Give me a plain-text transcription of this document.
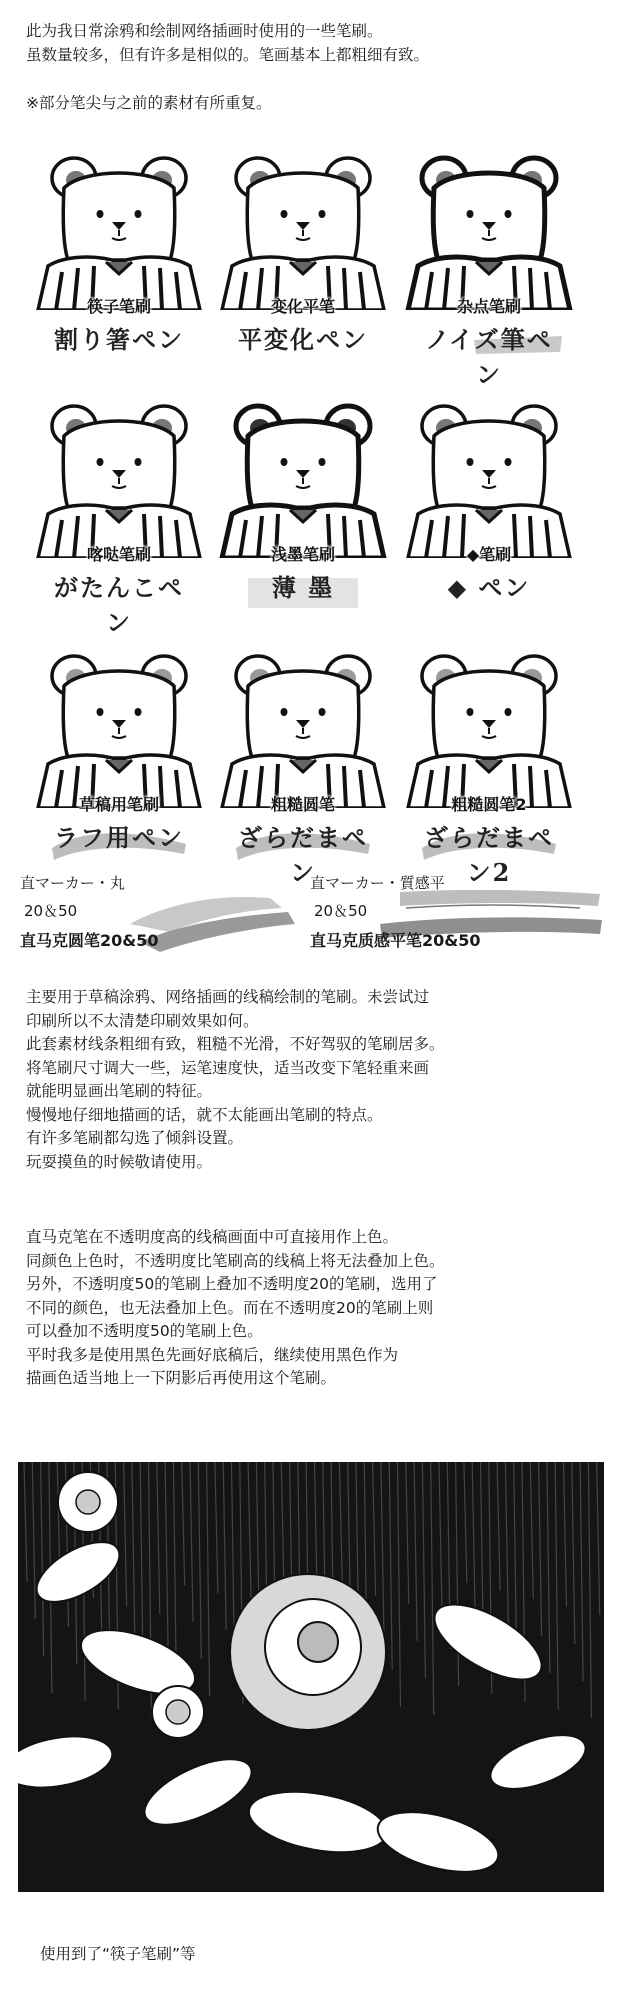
此为我日常涂鸦和绘制网络插画时使用的一些笔刷。
虽数量较多，但有许多是相似的。笔画基本上都粗细有致。
※部分笔尖与之前的素材有所重复。
筷子笔刷
割り箸ペン
变化平笔
平変化ペン
杂点笔刷
ノイズ筆ペン
喀哒笔刷
がたんこペン
浅墨笔刷
薄 墨
◆笔刷
◆ ペン
草稿用笔刷
ラフ用ペン
粗糙圆笔
ざらだまペン
粗糙圆笔2
ざらだまペン2
直マーカー・丸
20＆50
直马克圆笔20&50
直マーカー・質感平
20＆50
直马克质感平笔20&50
主要用于草稿涂鸦、网络插画的线稿绘制的笔刷。未尝试过
印刷所以不太清楚印刷效果如何。
此套素材线条粗细有致，粗糙不光滑，不好驾驭的笔刷居多。
将笔刷尺寸调大一些，运笔速度快，适当改变下笔轻重来画
就能明显画出笔刷的特征。
慢慢地仔细地描画的话，就不太能画出笔刷的特点。
有许多笔刷都勾选了倾斜设置。
玩耍摸鱼的时候敬请使用。
直马克笔在不透明度高的线稿画面中可直接用作上色。
同颜色上色时，不透明度比笔刷高的线稿上将无法叠加上色。
另外，不透明度50的笔刷上叠加不透明度20的笔刷，选用了
不同的颜色，也无法叠加上色。而在不透明度20的笔刷上则
可以叠加不透明度50的笔刷上色。
平时我多是使用黑色先画好底稿后，继续使用黑色作为
描画色适当地上一下阴影后再使用这个笔刷。
使用到了“筷子笔刷”等
